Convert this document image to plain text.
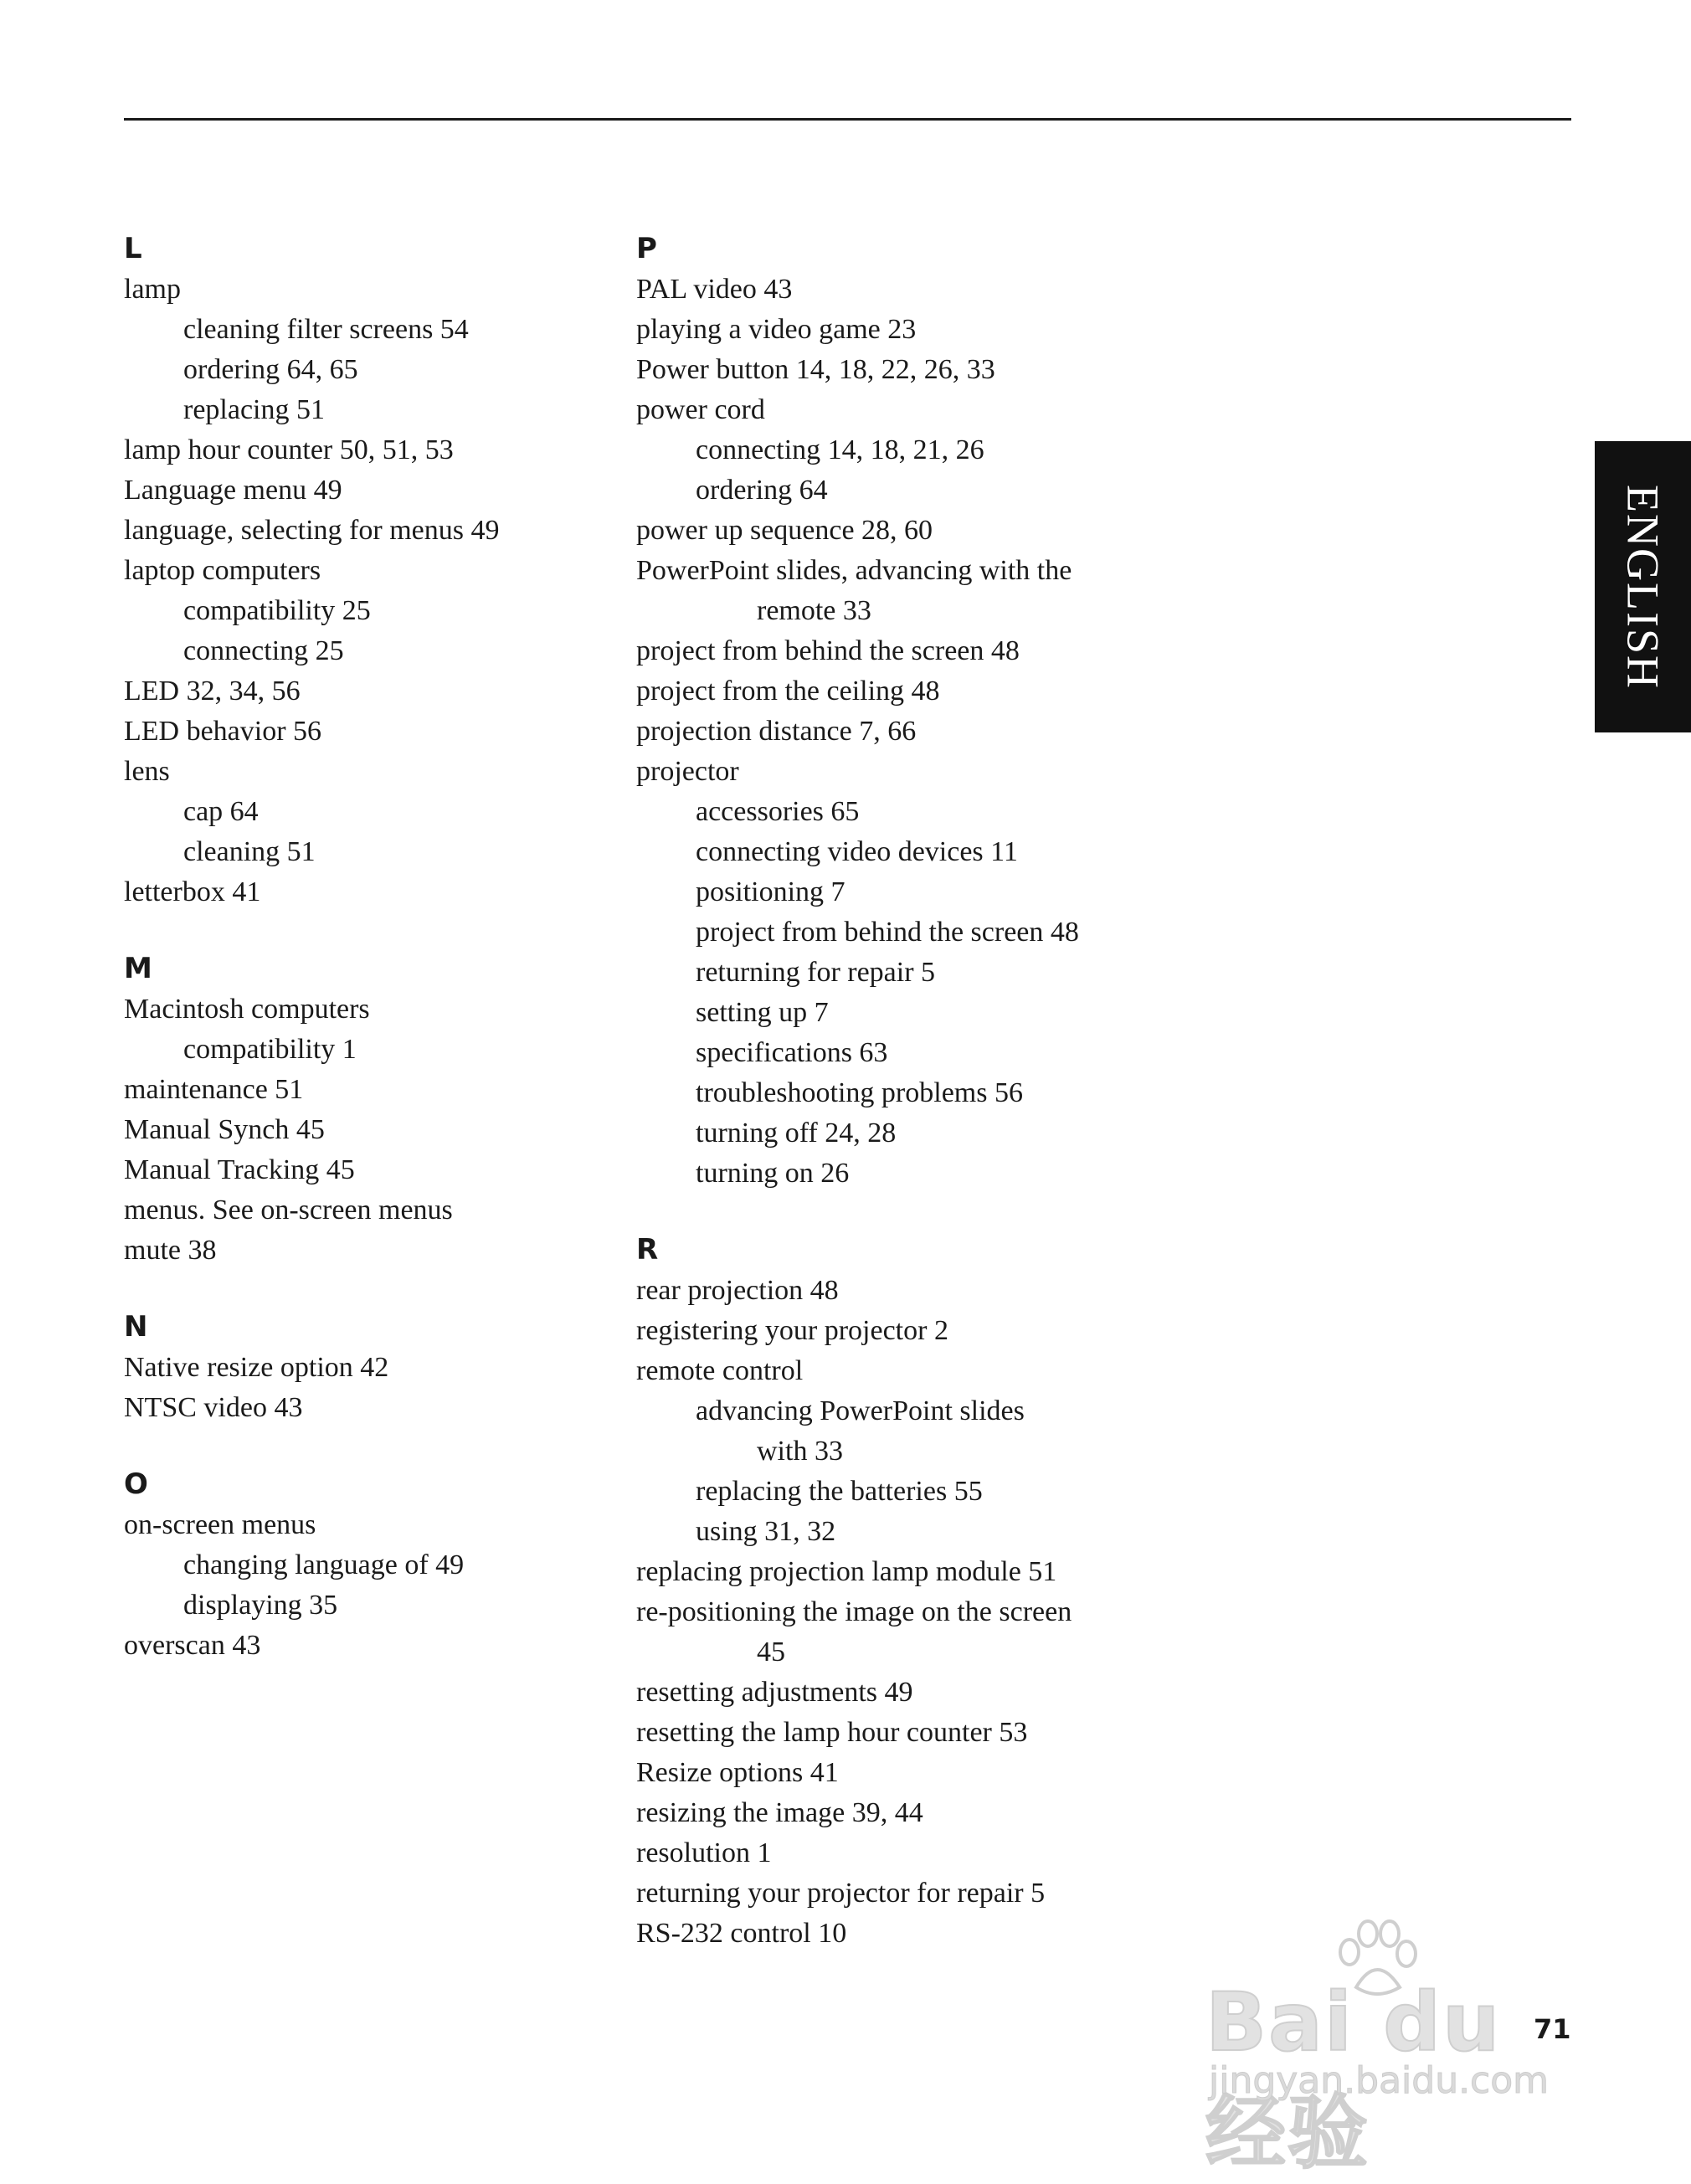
L
lamp
cleaning filter screens 54
ordering 64, 65
replacing 51
lamp hour counter 50, 51, 53
Language menu 49
language, selecting for menus 49
laptop computers
compatibility 25
connecting 25
LED 32, 34, 56
LED behavior 56
lens
cap 64
cleaning 51
letterbox 41
M
Macintosh computers
compatibility 1
maintenance 51
Manual Synch 45
Manual Tracking 45
menus. See on-screen menus
mute 38
N
Native resize option 42
NTSC video 43
O
on-screen menus
changing language of 49
displaying 35
overscan 43
P
PAL video 43
playing a video game 23
Power button 14, 18, 22, 26, 33
power cord
connecting 14, 18, 21, 26
ordering 64
power up sequence 28, 60
PowerPoint slides, advancing with the
remote 33
project from behind the screen 48
project from the ceiling 48
projection distance 7, 66
projector
accessories 65
connecting video devices 11
positioning 7
project from behind the screen 48
returning for repair 5
setting up 7
specifications 63
troubleshooting problems 56
turning off 24, 28
turning on 26
R
rear projection 48
registering your projector 2
remote control
advancing PowerPoint slides
with 33
replacing the batteries 55
using 31, 32
replacing projection lamp module 51
re-positioning the image on the screen
45
resetting adjustments 49
resetting the lamp hour counter 53
Resize options 41
resizing the image 39, 44
resolution 1
returning your projector for repair 5
RS-232 control 10
ENGLISH
71
Bai du 经验
jingyan.baidu.com
